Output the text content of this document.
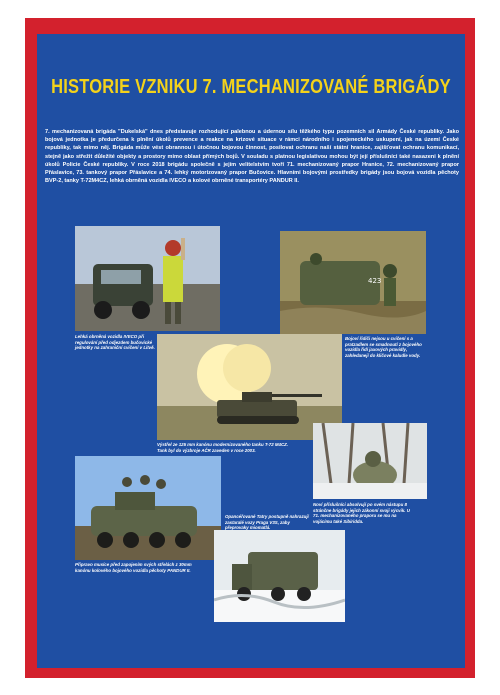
HISTORIE VZNIKU 7. MECHANIZOVANÉ BRIGÁDY
7. mechanizovaná brigáda "Dukelská" dnes představuje rozhodující palebnou a údernou sílu těžkého typu pozemních sil Armády České republiky. Jako bojová jednotka je předurčena k plnění úkolů prevence a reakce na krizové situace v rámci národního i spojeneckého uskupení, jak na území České republiky, tak mimo něj. Brigáda může vést obrannou i útočnou bojovou činnost, posilovat ochranu naší státní hranice, zajišťovat ochranu komunikací, stejně jako střežit důležité objekty a prostory mimo oblast přímých bojů. V souladu s platnou legislativou mohou být její příslušníci také nasazeni k plnění úkolů Policie České republiky. V roce 2018 brigádu společně s jejím velitelstvím tvoří 71. mechanizovaný prapor Hranice, 72. mechanizovaný prapor Přáslavice, 73. tankový prapor Přáslavice a 74. lehký motorizovaný prapor Bučovice. Hlavními bojovými prostředky brigády jsou bojová vozidla pěchoty BVP-2, tanky T-72M4CZ, lehká obrněná vozidla IVECO a kolové obrněné transportéry PANDUR II.
Lehká obrněná vozidla IVECO při regulování před odjezdem bučovické jednotky na zahraniční cvičení v Litvě.
423
Bojoví řidiči nejsou u cvičení s a pratzadlem se smadnoutí z bojového vozidla řidí jaxových pravidly, zahledanejí do kličové kaludle vody.
Výstřel ze 125 mm kanónu modernizovaného tanku T-72 M4CZ. Tank byl do výzbroje AČR zaveden v roce 2003.
Noví příslušníci absolvují po svém nástupu 8 stránčne brigády jejich zákonní svoji výcvik. U 71. mechanizovaného praporu se mu na vojácímu také Sibiridda.
Připravo musíce před zapojením svých střelách z 30mm kanónu kolového bojového vozidla pěchoty PANDUR II.
Opancéřované Tatry postupně nahrazují zastaralé vozy Praga V3S, zaby přeprovaky miomatlá.
